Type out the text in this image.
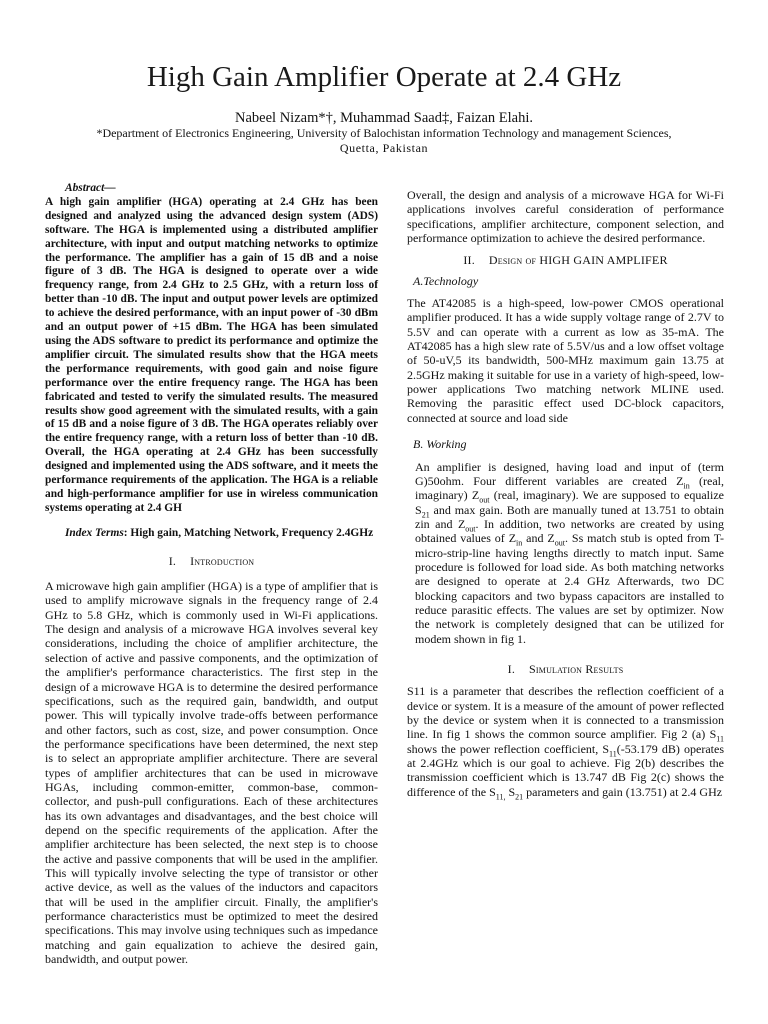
High Gain Amplifier Operate at 2.4 GHz
Nabeel Nizam*†, Muhammad Saad‡, Faizan Elahi.
*Department of Electronics Engineering, University of Balochistan information Technology and management Sciences,
Quetta, Pakistan
Abstract—

A high gain amplifier (HGA) operating at 2.4 GHz has been designed and analyzed using the advanced design system (ADS) software. The HGA is implemented using a distributed amplifier architecture, with input and output matching networks to optimize the performance. The amplifier has a gain of 15 dB and a noise figure of 3 dB. The HGA is designed to operate over a wide frequency range, from 2.4 GHz to 2.5 GHz, with a return loss of better than -10 dB. The input and output power levels are optimized to achieve the desired performance, with an input power of -30 dBm and an output power of +15 dBm. The HGA has been simulated using the ADS software to predict its performance and optimize the amplifier circuit. The simulated results show that the HGA meets the performance requirements, with good gain and noise figure performance over the entire frequency range. The HGA has been fabricated and tested to verify the simulated results. The measured results show good agreement with the simulated results, with a gain of 15 dB and a noise figure of 3 dB. The HGA operates reliably over the entire frequency range, with a return loss of better than -10 dB. Overall, the HGA operating at 2.4 GHz has been successfully designed and implemented using the ADS software, and it meets the performance requirements of the application. The HGA is a reliable and high-performance amplifier for use in wireless communication systems operating at 2.4 GH

Index Terms: High gain, Matching Network, Frequency 2.4GHz
I. Introduction

A microwave high gain amplifier (HGA) is a type of amplifier that is used to amplify microwave signals in the frequency range of 2.4 GHz to 5.8 GHz, which is commonly used in Wi-Fi applications. The design and analysis of a microwave HGA involves several key considerations, including the choice of amplifier architecture, the selection of active and passive components, and the optimization of the amplifier's performance characteristics. The first step in the design of a microwave HGA is to determine the desired performance specifications, such as the required gain, bandwidth, and output power. This will typically involve trade-offs between performance and other factors, such as cost, size, and power consumption. Once the performance specifications have been determined, the next step is to select an appropriate amplifier architecture. There are several types of amplifier architectures that can be used in microwave HGAs, including common-emitter, common-base, common-collector, and push-pull configurations. Each of these architectures has its own advantages and disadvantages, and the best choice will depend on the specific requirements of the application. After the amplifier architecture has been selected, the next step is to choose the active and passive components that will be used in the amplifier. This will typically involve selecting the type of transistor or other active device, as well as the values of the inductors and capacitors that will be used in the amplifier circuit. Finally, the amplifier's performance characteristics must be optimized to meet the desired specifications. This may involve using techniques such as impedance matching and gain equalization to achieve the desired gain, bandwidth, and output power.

Overall, the design and analysis of a microwave HGA for Wi-Fi applications involves careful consideration of performance specifications, amplifier architecture, component selection, and performance optimization to achieve the desired performance.

II. Design of HIGH GAIN AMPLIFER
A.Technology

The AT42085 is a high-speed, low-power CMOS operational amplifier produced. It has a wide supply voltage range of 2.7V to 5.5V and can operate with a current as low as 35-mA. The AT42085 has a high slew rate of 5.5V/us and a low offset voltage of 50-uV,5 its bandwidth, 500-MHz maximum gain 13.75 at 2.5GHz making it suitable for use in a variety of high-speed, low-power applications Two matching network MLINE used. Removing the parasitic effect used DC-block capacitors, connected at source and load side

B. Working

An amplifier is designed, having load and input of (term G)50ohm. Four different variables are created $Z_{in}$ (real, imaginary) $Z_{out}$ (real, imaginary). We are supposed to equalize $S_{21}$ and max gain. Both are manually tuned at 13.751 to obtain zin and $Z_{out}$. In addition, two networks are created by using obtained values of $Z_{in}$ and $Z_{out}$. Ss match stub is opted from T-micro-strip-line having lengths directly to match input. Same procedure is followed for load side. As both matching networks are designed to operate at 2.4 GHz Afterwards, two DC blocking capacitors and two bypass capacitors are installed to reduce parasitic effects. The values are set by optimizer. Now the network is completely designed that can be utilized for modem shown in fig 1.

I. Simulation Results

S11 is a parameter that describes the reflection coefficient of a device or system. It is a measure of the amount of power reflected by the device or system when it is connected to a transmission line. In fig 1 shows the common source amplifier. Fig 2 (a) $S_{11}$ shows the power reflection coefficient, $S_{11}(-53.179$ dB) operates at 2.4GHz which is our goal to achieve. Fig 2(b) describes the transmission coefficient which is 13.747 dB Fig 2(c) shows the difference of the $S_{11,}$ $S_{21}$ parameters and gain (13.751) at 2.4 GHz
